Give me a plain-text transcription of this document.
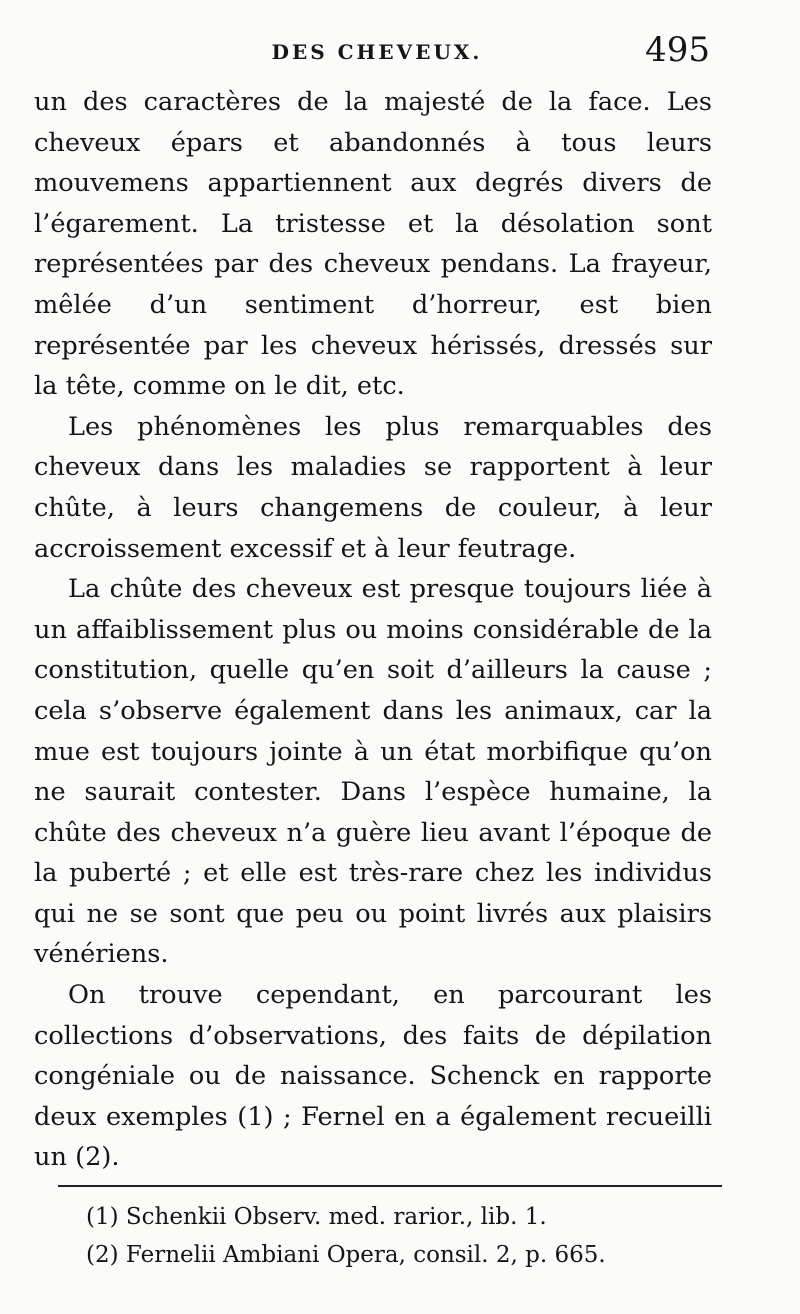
DES CHEVEUX.	495

un des caractères de la majesté de la face. Les cheveux épars et abandonnés à tous leurs mouvemens appartiennent aux degrés divers de l’égarement. La tristesse et la désolation sont représentées par des cheveux pendans. La frayeur, mêlée d’un sentiment d’horreur, est bien représentée par les cheveux hérissés, dressés sur la tête, comme on le dit, etc.

Les phénomènes les plus remarquables des cheveux dans les maladies se rapportent à leur chûte, à leurs changemens de couleur, à leur accroissement excessif et à leur feutrage.

La chûte des cheveux est presque toujours liée à un affaiblissement plus ou moins considérable de la constitution, quelle qu’en soit d’ailleurs la cause ; cela s’observe également dans les animaux, car la mue est toujours jointe à un état morbifique qu’on ne saurait contester. Dans l’espèce humaine, la chûte des cheveux n’a guère lieu avant l’époque de la puberté ; et elle est très-rare chez les individus qui ne se sont que peu ou point livrés aux plaisirs vénériens.

On trouve cependant, en parcourant les collections d’observations, des faits de dépilation congéniale ou de naissance. Schenck en rapporte deux exemples (1) ; Fernel en a également recueilli un (2).

(1) Schenkii Observ. med. rarior., lib. 1.

(2) Fernelii Ambiani Opera, consil. 2, p. 665.
